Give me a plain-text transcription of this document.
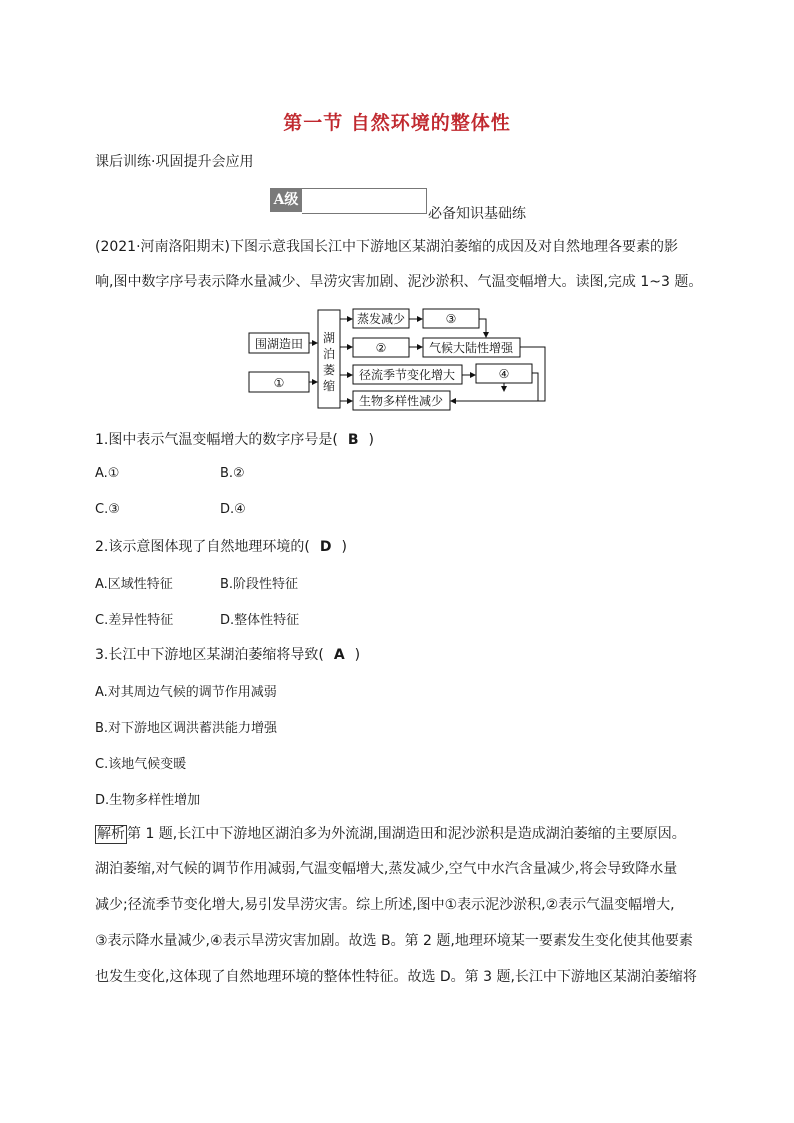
第一节 自然环境的整体性
课后训练·巩固提升会应用
A级
必备知识基础练
(2021·河南洛阳期末)下图示意我国长江中下游地区某湖泊萎缩的成因及对自然地理各要素的影
响,图中数字序号表示降水量减少、旱涝灾害加剧、泥沙淤积、气温变幅增大。读图,完成 1~3 题。
围湖造田
①
湖
泊
萎
缩
蒸发减少
②
径流季节变化增大
生物多样性减少
③
气候大陆性增强
④
1.图中表示气温变幅增大的数字序号是( B )
A.①	B.②
C.③	D.④
2.该示意图体现了自然地理环境的( D )
A.区域性特征	B.阶段性特征
C.差异性特征	D.整体性特征
3.长江中下游地区某湖泊萎缩将导致( A )
A.对其周边气候的调节作用减弱
B.对下游地区调洪蓄洪能力增强
C.该地气候变暖
D.生物多样性增加
解析 第 1 题,长江中下游地区湖泊多为外流湖,围湖造田和泥沙淤积是造成湖泊萎缩的主要原因。
湖泊萎缩,对气候的调节作用减弱,气温变幅增大,蒸发减少,空气中水汽含量减少,将会导致降水量
减少;径流季节变化增大,易引发旱涝灾害。综上所述,图中①表示泥沙淤积,②表示气温变幅增大,
③表示降水量减少,④表示旱涝灾害加剧。故选 B。第 2 题,地理环境某一要素发生变化使其他要素
也发生变化,这体现了自然地理环境的整体性特征。故选 D。第 3 题,长江中下游地区某湖泊萎缩将
